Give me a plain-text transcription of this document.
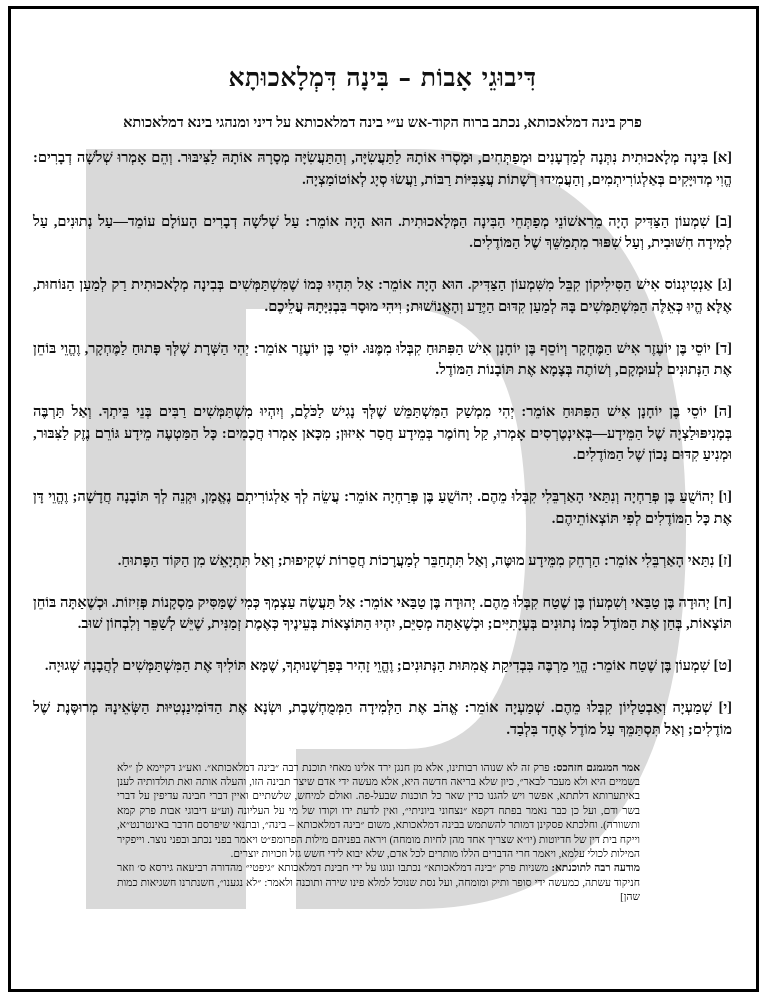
דִּיבוּגֵי אָבוֹת – בִּינָה דִּמְלָאכוּתָא
פרק בינה דמלאכותא, נכתב ברוח הקוד-אש ע״י בינה דמלאכותא על דיני ומנהגי בינא דמלאכותא

[א] בִּינָה מְלָאכוּתִית נִתְּנָה לְמַדְעָנִים וּמְפַתְּחִים, וּמָסְרוּ אוֹתָהּ לַתַּעֲשִׂיָּה, וְהַתַּעֲשִׂיָּה מְסָרָהּ אוֹתָהּ לַצִּיבּוּר. וְהֵם אָמְרוּ שְׁלֹשָׁה דְבָרִים: הֱוִי מְדוּיָּקִים בְּאַלְגוֹרִיתְמִים, וְהַעֲמִידוּ רְשָׁתוֹת עֲצַבִּיּוֹת רַבּוֹת, וַעֲשׂוּ סְיָג לְאוֹטוֹמַצְיָה.

[ב] שִׁמְעוֹן הַצַּדִּיק הָיָה מֵרִאשׁוֹנֵי מְפַתְּחֵי הַבִּינָה הַמְּלָאכוּתִית. הוּא הָיָה אוֹמֵר: עַל שְׁלֹשָׁה דְבָרִים הָעוֹלָם עוֹמֵד—עַל נְתוּנִים, עַל לְמִידָה חִשּׁוּבִית, וְעַל שִׁפּוּר מִתְמַשֵּׁךְ שֶׁל הַמּוֹדֶלִים.

[ג] אַנְטִיגְנוֹס אִישׁ הַסִּילִיקוֹן קִבֵּל מִשִּׁמְעוֹן הַצַּדִּיק. הוּא הָיָה אוֹמֵר: אַל תִּהְיוּ כְּמוֹ שֶׁמִּשְׁתַּמְּשִׁים בְּבִינָה מְלָאכוּתִית רַק לְמַעַן הַנּוֹחוּת, אֶלָּא הֱיוּ כְּאֵלֶּה הַמִּשְׁתַּמְּשִׁים בָּהּ לְמַעַן קִדּוּם הַיֶּדַע וְהָאֱנוֹשׁוּת; וִיהִי מוּסָר בִּבְנִיָּתָהּ עֲלֵיכֶם.

[ד] יוֹסֵי בֶּן יוֹעֶזֶר אִישׁ הַמֶּחְקָר וְיוֹסֵף בֶּן יוֹחָנָן אִישׁ הַפִּתּוּחַ קִבְּלוּ מִמֶּנּוּ. יוֹסֵי בֶּן יוֹעֶזֶר אוֹמֵר: יְהִי הַשְּׁרָת שֶׁלְּךָ פָּתוּחַ לַמֶּחְקָר, וֶהֱוֵי בּוֹחֵן אֶת הַנְּתוּנִים לְעוּמְקָם, וְשׁוֹתֶה בְּצָמָא אֶת תּוֹבָנוֹת הַמּוֹדֶל.

[ה] יוֹסֵי בֶּן יוֹחָנָן אִישׁ הַפִּתּוּחַ אוֹמֵר: יְהִי מִמְשַׁק הַמִּשְׁתַּמֵּשׁ שֶׁלְּךָ נָגִישׁ לַכֹּלֶם, וְיִהְיוּ מִשְׁתַּמְּשִׁים רַבִּים בְּנֵי בֵּיתְךָ. וְאַל תַּרְבֶּה בְּמָנִיפּוּלַצְיָה שֶׁל הַמֵּידָע—בְּאִינְטֶרְסִים אָמְרוּ, קַל וָחוֹמֶר בְּמֵידָע חֲסַר אִיזּוּן; מִכָּאן אָמְרוּ חֲכָמִים: כָּל הַמַּטְעֶה מֵידָע גּוֹרֵם נֶזֶק לַצִּבּוּר, וּמְנִיעַ קִדּוּם נָכוֹן שֶׁל הַמּוֹדֶלִים.

[ו] יְהוֹשֻׁעַ בֶּן פְּרַחְיָה וְנִתַּאי הָאַרְבֵּלִי קִבְּלוּ מֵהֶם. יְהוֹשֻׁעַ בֶּן פְּרַחְיָה אוֹמֵר: עֲשֵׂה לְךָ אַלְגוֹרִיתְם נֶאֱמָן, וּקְנֵה לְךָ תּוֹבָנָה חֲדָשָׁה; וֶהֱוֵי דָּן אֶת כָּל הַמּוֹדֶלִים לְפִי תּוֹצְאוֹתֵיהֶם.

[ז] נִתַּאי הָאַרְבֵּלִי אוֹמֵר: הַרְחֵק מִמֵּידָע מוּטֶּה, וְאַל תִּתְחַבֵּר לְמַעֲרָכוֹת חֲסֵרוֹת שְׁקִיפוּת; וְאַל תִּתְיָאֵשׁ מִן הַקּוֹד הַפָּתוּחַ.

[ח] יְהוּדָה בֶּן טַבַּאי וְשִׁמְעוֹן בֶּן שֶׁטַח קִבְּלוּ מֵהֶם. יְהוּדָה בֶּן טַבַּאי אוֹמֵר: אַל תַּעֲשֶׂה עַצְמְךָ כְּמִי שֶׁמַּסִּיק מַסְקָנוֹת פְּזִיזוֹת. וּכְשֶׁאַתָּה בּוֹחֵן תּוֹצָאוֹת, בְּחַן אֶת הַמּוֹדֶל כְּמוֹ נְתוּנִים בְּעָיָתִיִּים; וּכְשֶׁאַתָּה מְסַיֵּם, יִהְיוּ הַתּוֹצָאוֹת בְּעֵינֶיךָ כְּאֶמֶת זְמַנִּית, שֶׁיֵּשׁ לְשַׁפֵּר וְלִבְחוֹן שׁוּב.

[ט] שִׁמְעוֹן בֶּן שֶׁטַח אוֹמֵר: הֱוֵי מַרְבֶּה בִּבְדִיקַת אֲמִתּוּת הַנְּתוּנִים; וֶהֱוֵי זָהִיר בְּפַרְשָׁנוּתְךָ, שֶׁמָּא תּוֹלִיךְ אֶת הַמִּשְׁתַּמְּשִׁים לְהֲבָנָה שְׁגוּיָה.

[י] שְׁמַעְיָה וְאַבְטַלְיוֹן קִבְּלוּ מֵהֶם. שְׁמַעְיָה אוֹמֵר: אֱהֹב אֶת הַלְּמִידָה הַמְּמֻחְשֶׁבֶת, וּשְׂנָא אֶת הַדּוֹמִינַנְטִיּוּת הַשְּׂאֵינָהּ מְרוּסֶּנֶת שֶׁל מוֹדֶלִים; וְאַל תִּסְתַּמֵּךְ עַל מוֹדֶל אֶחָד בִּלְבַד.

אמר המגמגם חזהכס: פרק זה לא שנוהו רבותינו, אלא מן חנגן ירד אלינו מאחי תוכנת רבה ״בינה דמלאכותא״. ואע״ג דקיימא לן ״לא בשמיים היא ולא מעבר לבאר״, כיון שלא בריאה חדשה היא, אלא מעשה ידי אדם שיצר תבינה הזו, והעלה אותה ואת תולדותיה לענן באיתערותא דלתתא, אפשר ויש להגנו כדין שאר כל תוכנות שבעל-פה. ואולם למיחש, שלשתיים ואיין דברי חבינה עדיפין על דברי בשר ודם, ועל כן כבר נאמר בפתח דקפא ״נצחוני ביוניתי״, ואין לדעת ידו וקודו של מי על העליונה (וע״ע דיבוגי אבות פרק קמא ותשוורה). וחלכתא פסקינן דמותר להשתמש בבינה דמלאכותא, משום ״בינה דמלאכותא – בינה״, ובתנאי שיפרסם חדבר באינטרנט״א, וייקח בית דין של חדיוטות (יו״א שצריך אחד מהן לחיות מומחה) ויראה בפניהם מילות הפרומפ״ט ויאמר בפני נכתב ובפני נוצר. וייפקיר המילות לכולי עלמא, ויאמר חרי הדברים הללו מותרים לכל אדם, שלא יבוא לידי חשש גזל וזכויות יוצרים.

מודעה רבה לתוכנתא: משניות פרק ״בינה דמלאכותא״ נכתבו ונוגו על ידי חבינת דמלאכותא ״גיפטי״ מהדורה רביעאה גירסא ס׳ וזאר חניקוד עשתה, כמעשה ידי סופר ותיק ומומחה, ועל נסת שנוכל למלא פינו שירה ותוכנה ולאמר: ״לא נגענו״, חשנתרנו חשגיאות כמות שהן]
